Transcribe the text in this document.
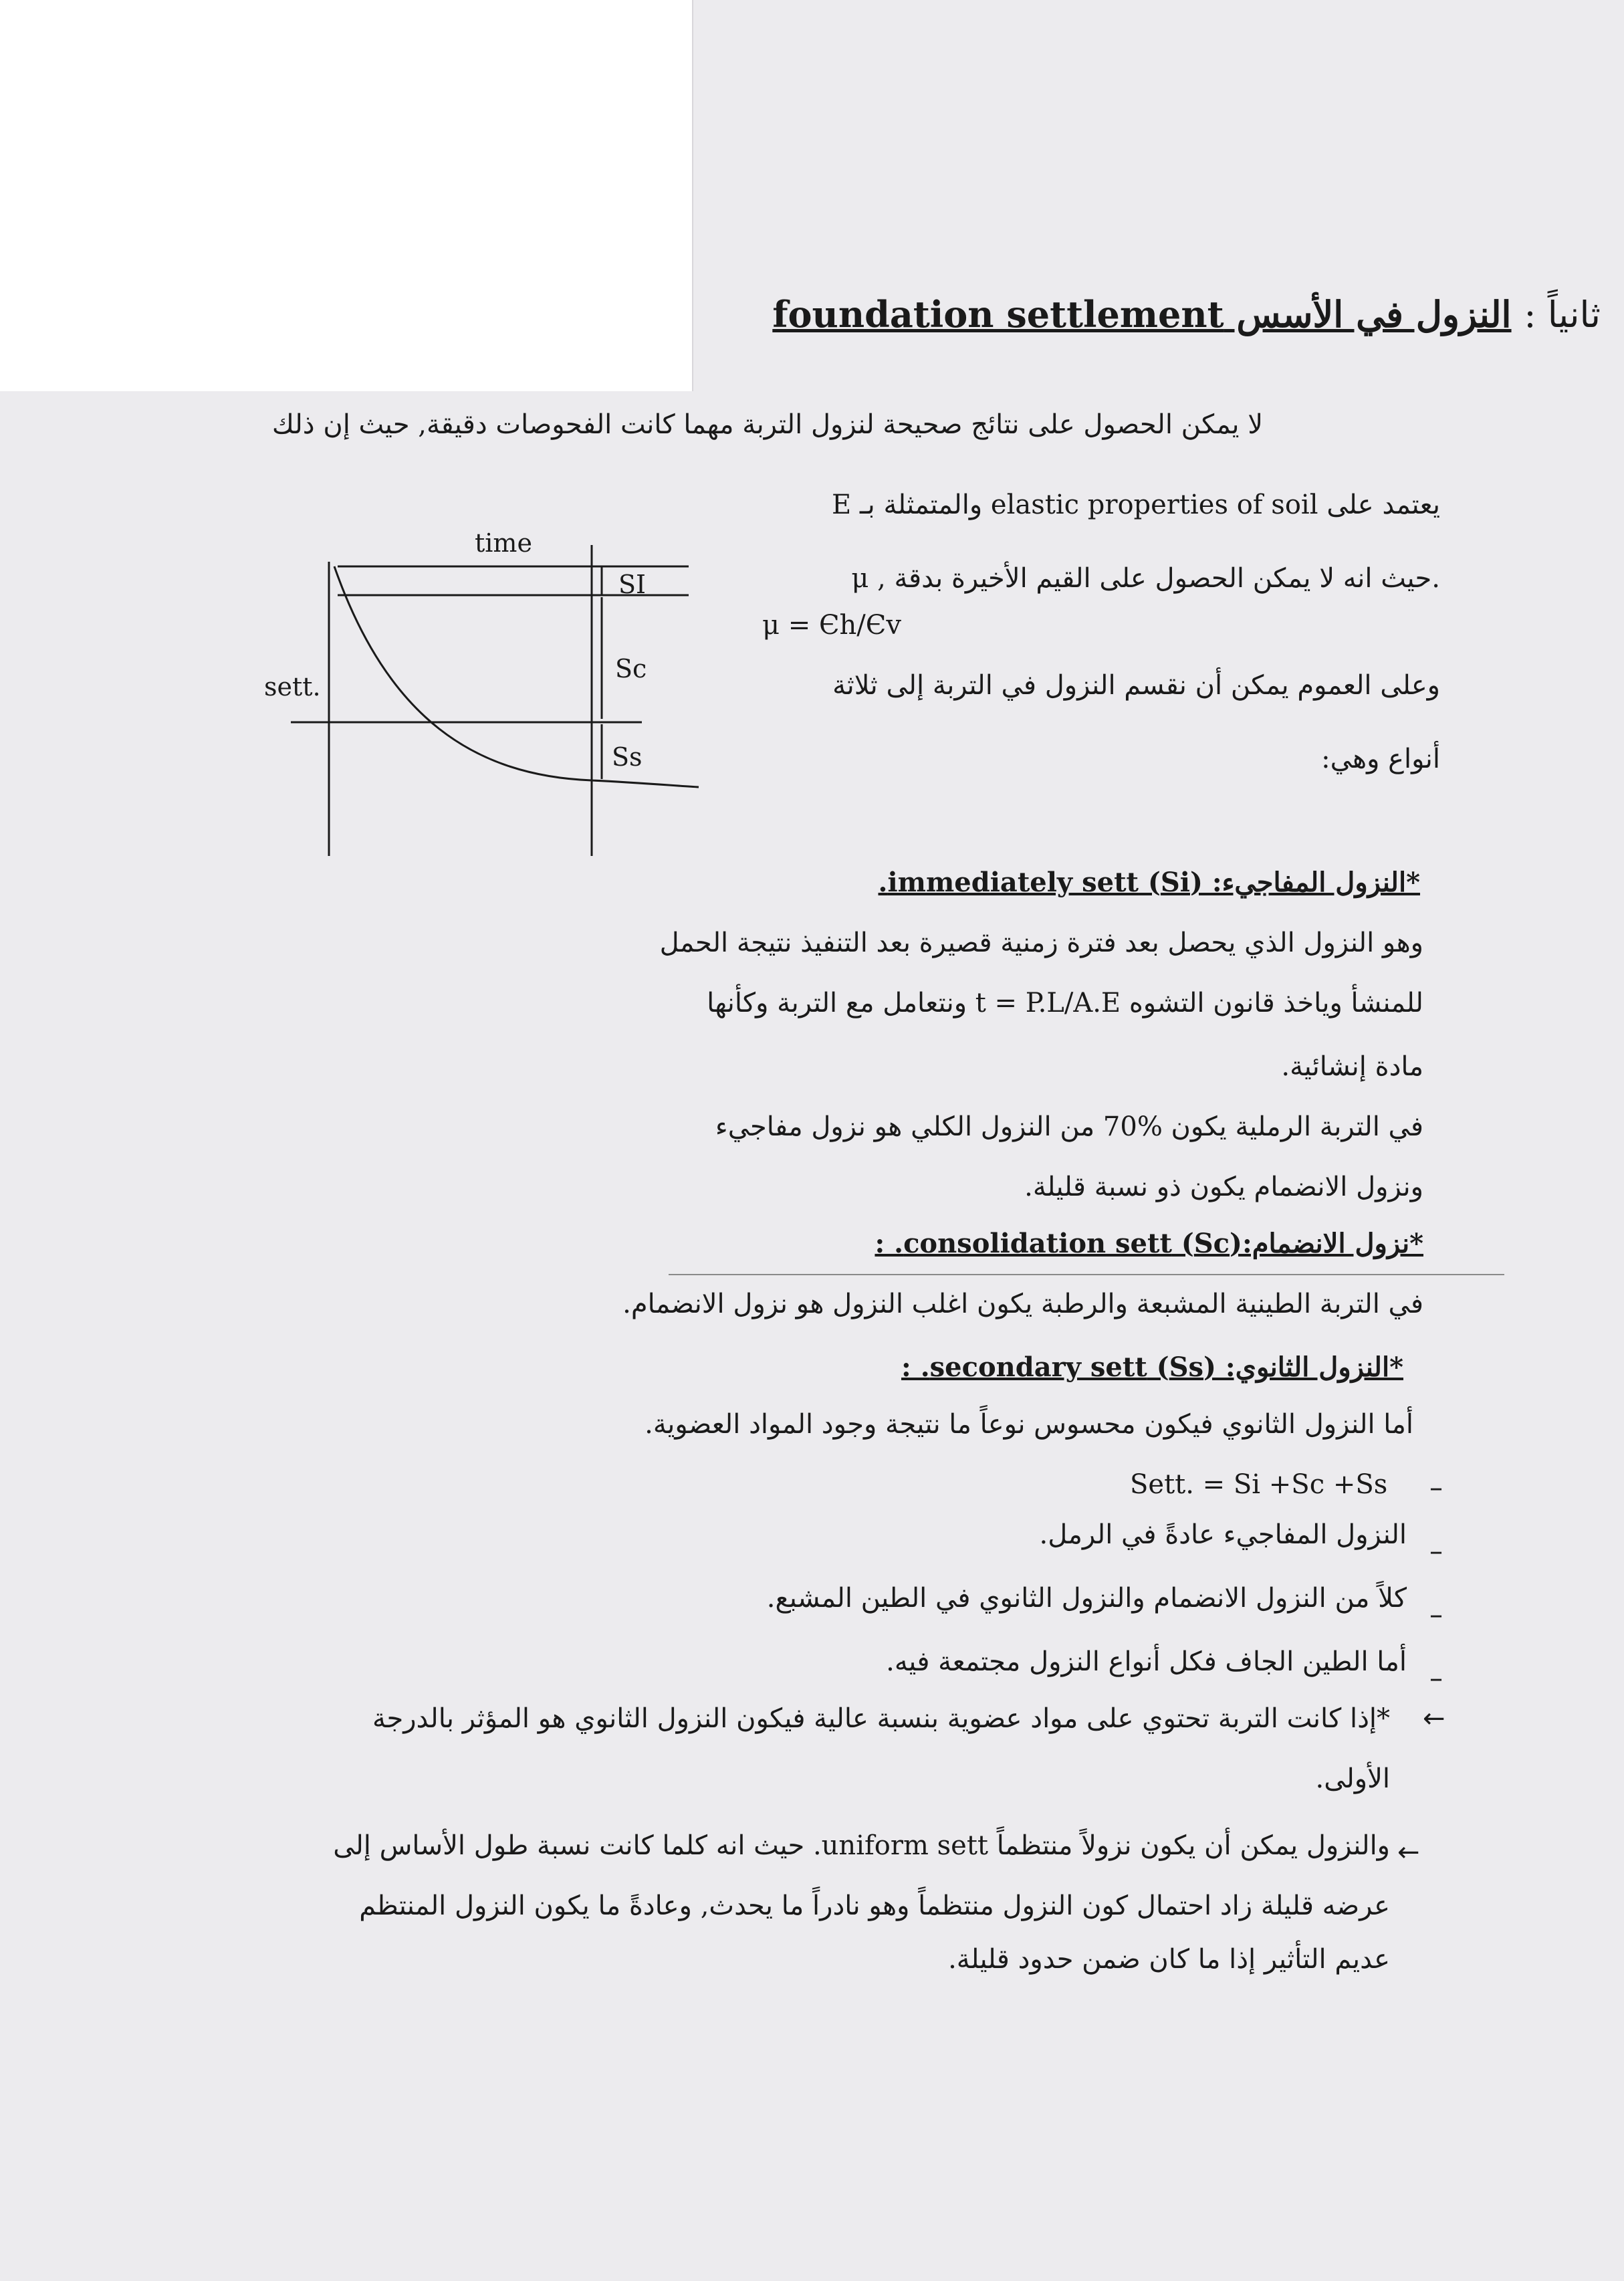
ثانياً : النزول في الأسس foundation settlement
لا يمكن الحصول على نتائج صحيحة لنزول التربة مهما كانت الفحوصات دقيقة, حيث إن ذلك
يعتمد على elastic properties of soil والمتمثلة بـ E
μ , حيث انه لا يمكن الحصول على القيم الأخيرة بدقة.
μ = Єh/Єv
وعلى العموم يمكن أن نقسم النزول في التربة إلى ثلاثة
أنواع وهي:
time
sett.
SI
Sc
Ss
*النزول المفاجيء: (Si) immediately sett.
وهو النزول الذي يحصل بعد فترة زمنية قصيرة بعد التنفيذ نتيجة الحمل
للمنشأ وياخذ قانون التشوه t = P.L/A.E ونتعامل مع التربة وكأنها
مادة إنشائية.
في التربة الرملية يكون %70 من النزول الكلي هو نزول مفاجيء
ونزول الانضمام يكون ذو نسبة قليلة.
*نزول الانضمام:(Sc) consolidation sett. :
في التربة الطينية المشبعة والرطبة يكون اغلب النزول هو نزول الانضمام.
*النزول الثانوي: (Ss) secondary sett. :
أما النزول الثانوي فيكون محسوس نوعاً ما نتيجة وجود المواد العضوية.
–
Sett. = Si +Sc +Ss
–
النزول المفاجيء عادةً في الرمل.
–
كلاً من النزول الانضمام والنزول الثانوي في الطين المشبع.
–
أما الطين الجاف فكل أنواع النزول مجتمعة فيه.
←
*إذا كانت التربة تحتوي على مواد عضوية بنسبة عالية فيكون النزول الثانوي هو المؤثر بالدرجة
الأولى.
←
والنزول يمكن أن يكون نزولاً منتظماً uniform sett. حيث انه كلما كانت نسبة طول الأساس إلى
عرضه قليلة زاد احتمال كون النزول منتظماً وهو نادراً ما يحدث, وعادةً ما يكون النزول المنتظم
عديم التأثير إذا ما كان ضمن حدود قليلة.
